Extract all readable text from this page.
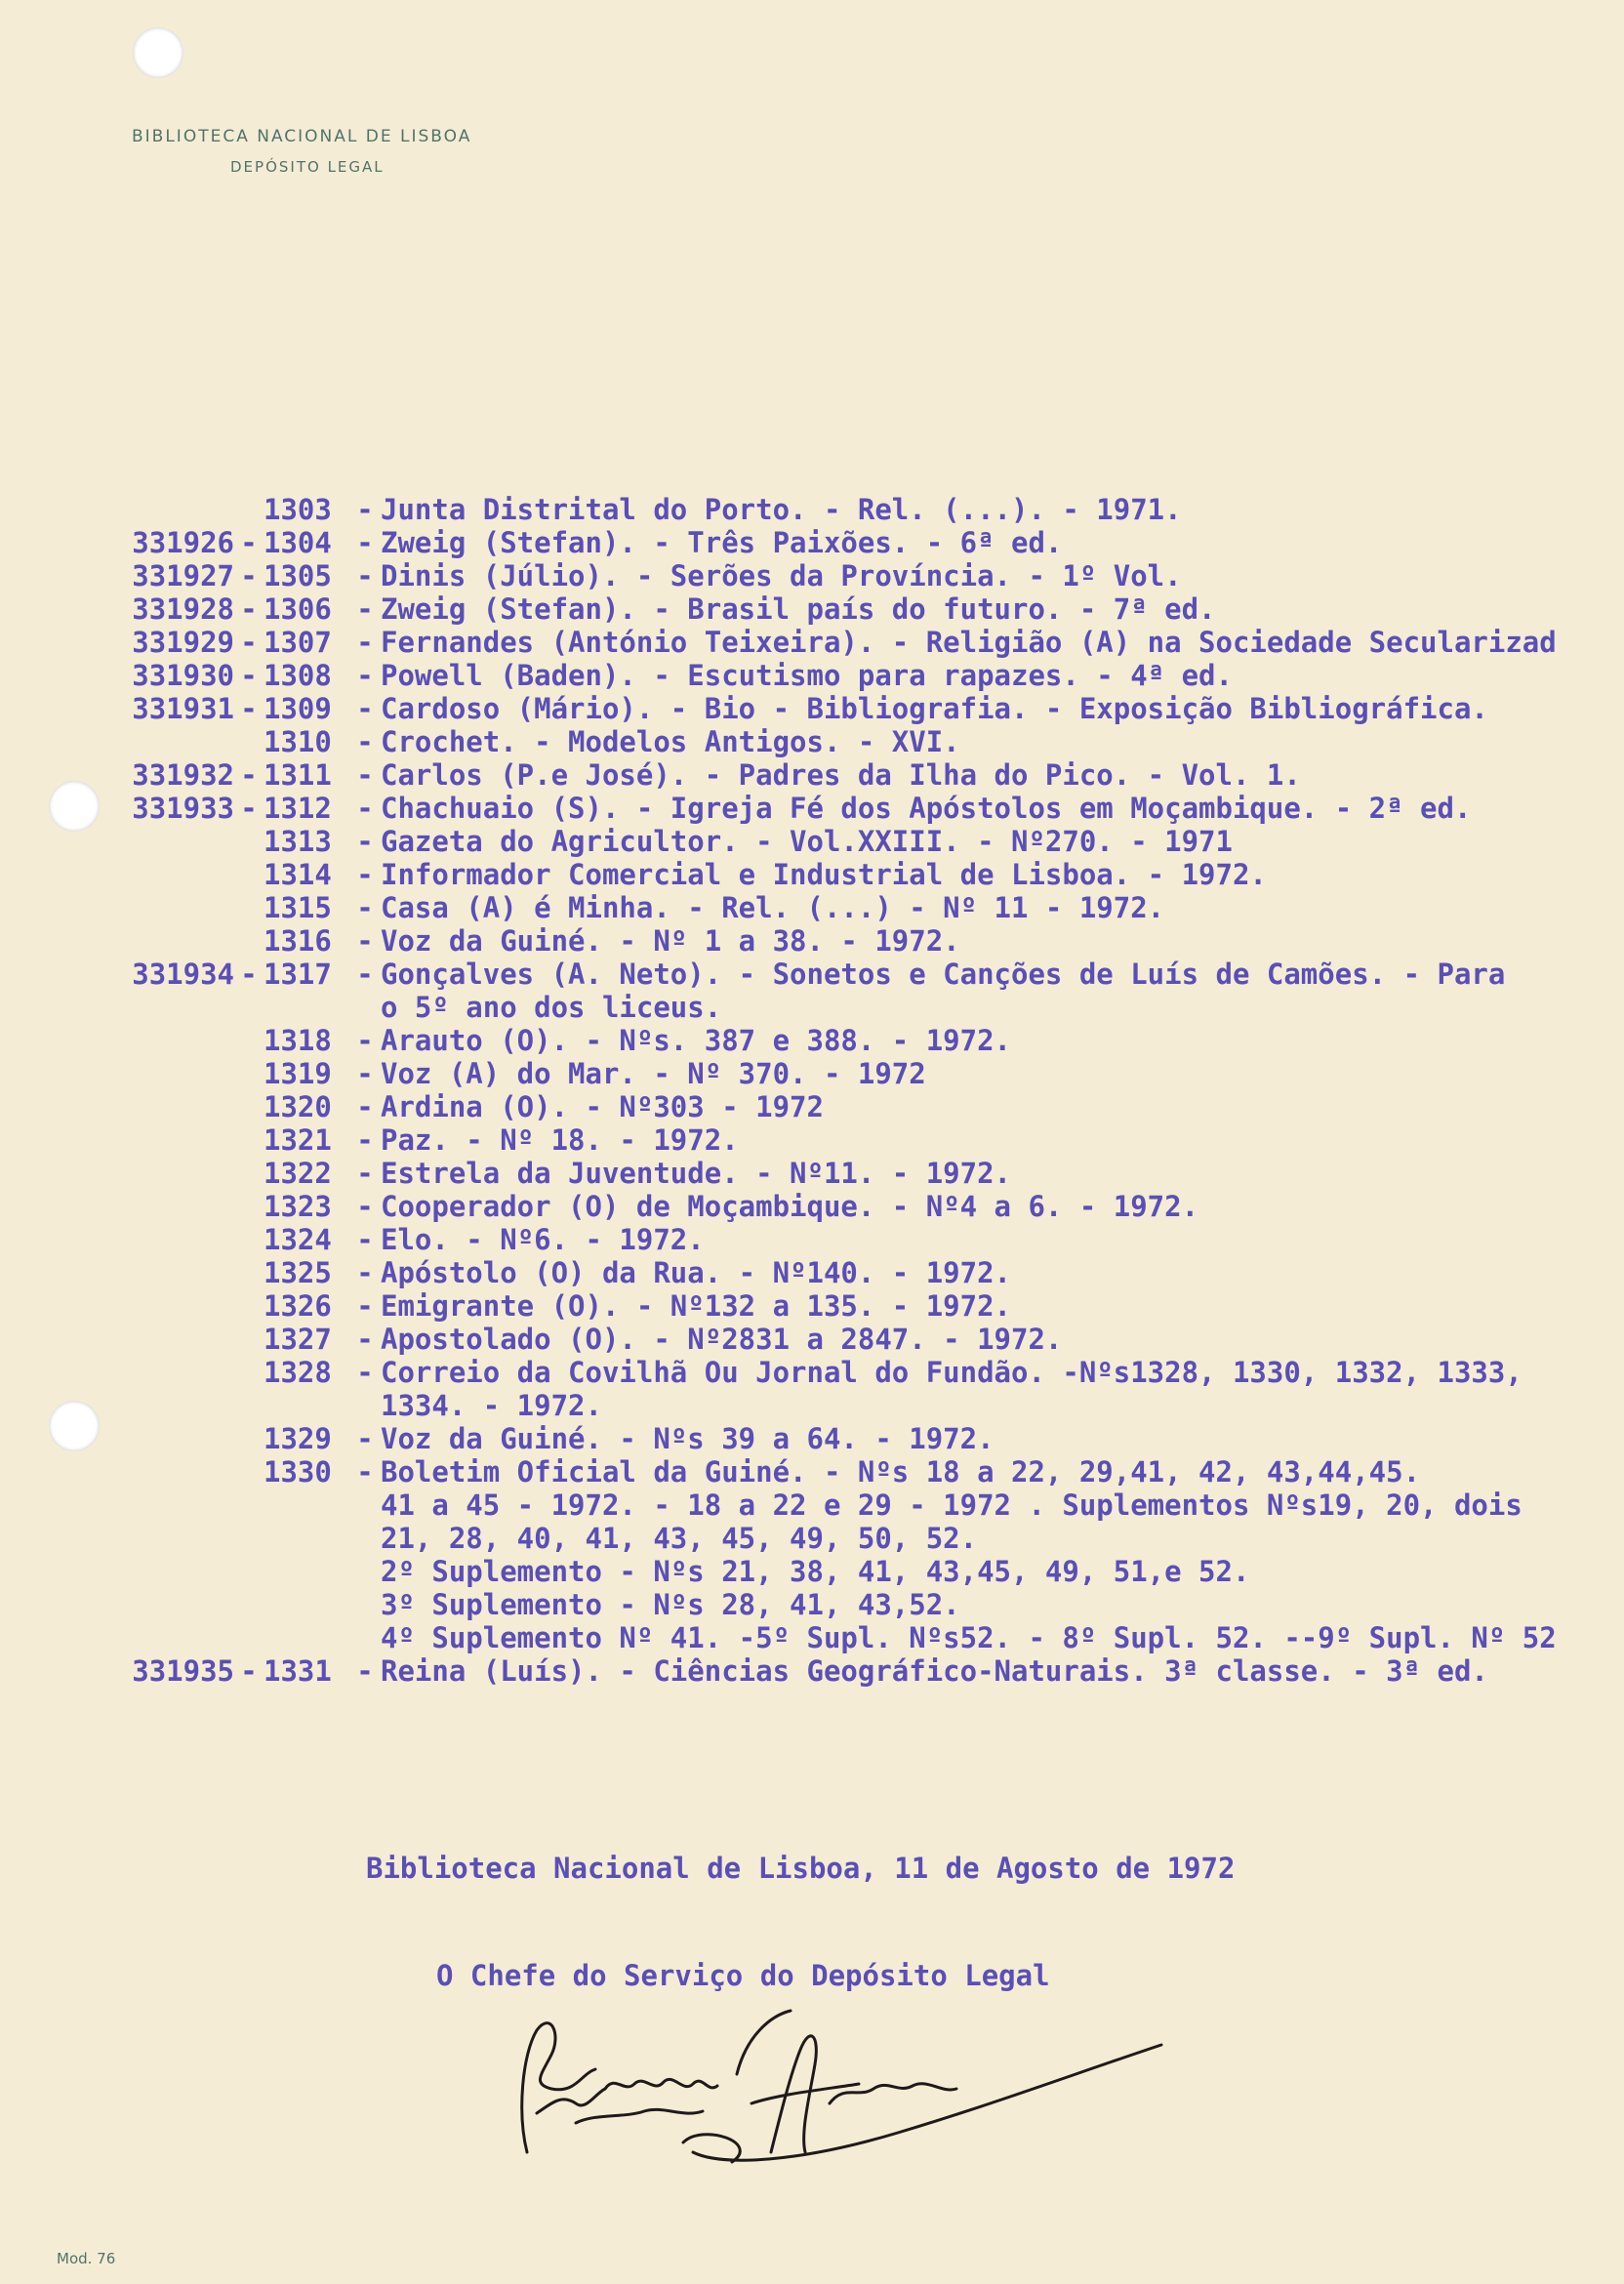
BIBLIOTECA NACIONAL DE LISBOA
DEPÓSITO LEGAL
1303 - Junta Distrital do Porto. - Rel. (...). - 1971.
331926 - 1304 - Zweig (Stefan). - Três Paixões. - 6ª ed.
331927 - 1305 - Dinis (Júlio). - Serões da Província. - 1º Vol.
331928 - 1306 - Zweig (Stefan). - Brasil país do futuro. - 7ª ed.
331929 - 1307 - Fernandes (António Teixeira). - Religião (A) na Sociedade Secularizad
331930 - 1308 - Powell (Baden). - Escutismo para rapazes. - 4ª ed.
331931 - 1309 - Cardoso (Mário). - Bio - Bibliografia. - Exposição Bibliográfica.
1310 - Crochet. - Modelos Antigos. - XVI.
331932 - 1311 - Carlos (P.e José). - Padres da Ilha do Pico. - Vol. 1.
331933 - 1312 - Chachuaio (S). - Igreja Fé dos Apóstolos em Moçambique. - 2ª ed.
1313 - Gazeta do Agricultor. - Vol.XXIII. - Nº270. - 1971
1314 - Informador Comercial e Industrial de Lisboa. - 1972.
1315 - Casa (A) é Minha. - Rel. (...) - Nº 11 - 1972.
1316 - Voz da Guiné. - Nº 1 a 38. - 1972.
331934 - 1317 - Gonçalves (A. Neto). - Sonetos e Canções de Luís de Camões. - Para
o 5º ano dos liceus.
1318 - Arauto (O). - Nºs. 387 e 388. - 1972.
1319 - Voz (A) do Mar. - Nº 370. - 1972
1320 - Ardina (O). - Nº303 - 1972
1321 - Paz. - Nº 18. - 1972.
1322 - Estrela da Juventude. - Nº11. - 1972.
1323 - Cooperador (O) de Moçambique. - Nº4 a 6. - 1972.
1324 - Elo. - Nº6. - 1972.
1325 - Apóstolo (O) da Rua. - Nº140. - 1972.
1326 - Emigrante (O). - Nº132 a 135. - 1972.
1327 - Apostolado (O). - Nº2831 a 2847. - 1972.
1328 - Correio da Covilhã Ou Jornal do Fundão. -Nºs1328, 1330, 1332, 1333,
1334. - 1972.
1329 - Voz da Guiné. - Nºs 39 a 64. - 1972.
1330 - Boletim Oficial da Guiné. - Nºs 18 a 22, 29,41, 42, 43,44,45.
41 a 45 - 1972. - 18 a 22 e 29 - 1972 . Suplementos Nºs19, 20, dois
21, 28, 40, 41, 43, 45, 49, 50, 52.
2º Suplemento - Nºs 21, 38, 41, 43,45, 49, 51,e 52.
3º Suplemento - Nºs 28, 41, 43,52.
4º Suplemento Nº 41. -5º Supl. Nºs52. - 8º Supl. 52. --9º Supl. Nº 52
331935 - 1331 - Reina (Luís). - Ciências Geográfico-Naturais. 3ª classe. - 3ª ed.
Biblioteca Nacional de Lisboa, 11 de Agosto de 1972
O Chefe do Serviço do Depósito Legal
Mod. 76
